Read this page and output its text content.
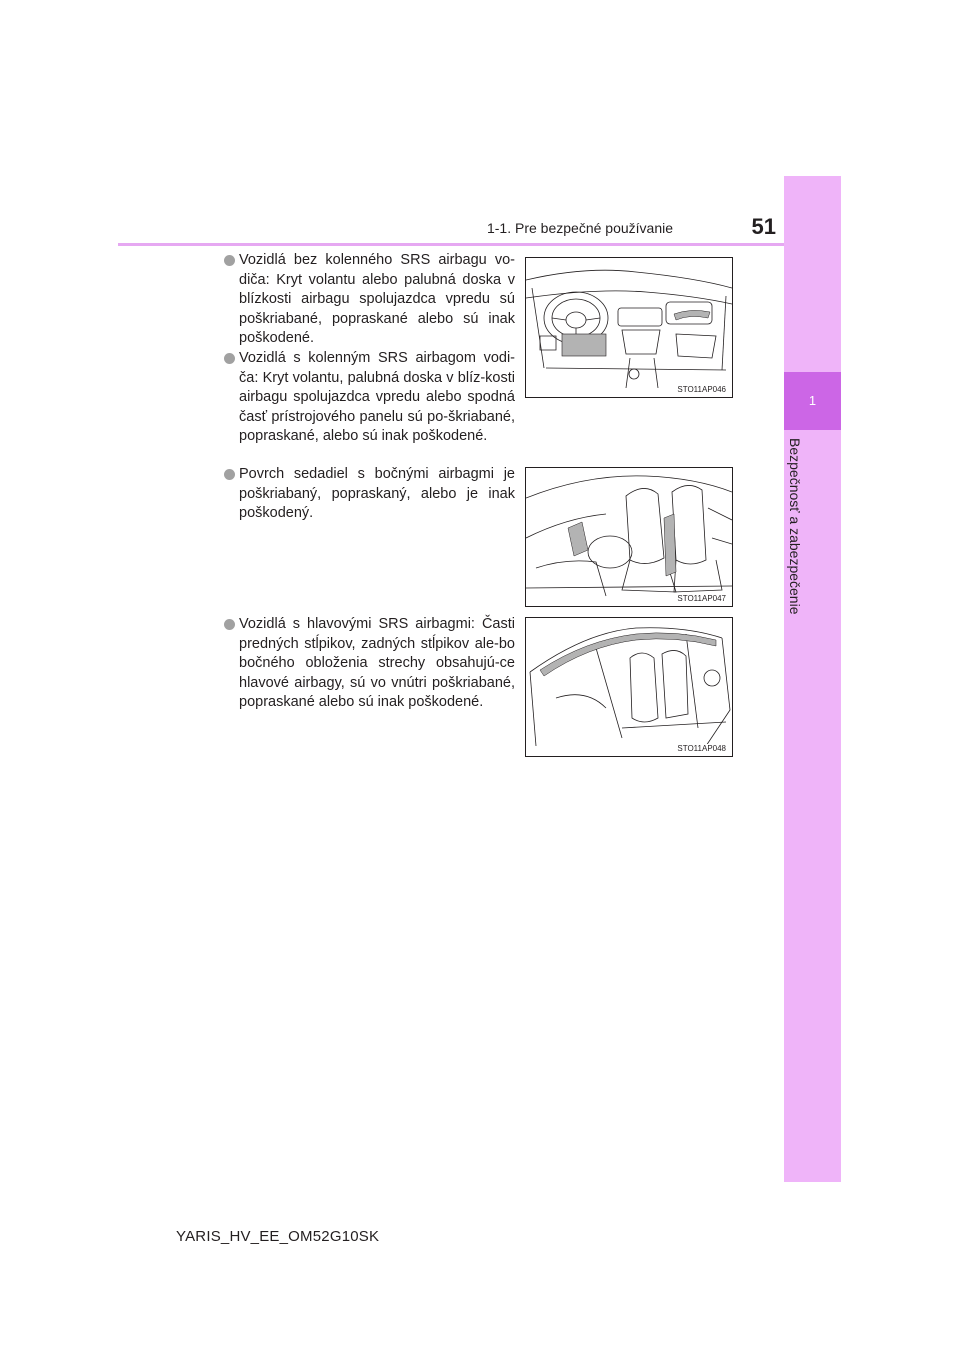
1-1. Pre bezpečné používanie	51
1
Bezpečnosť a zabezpečenie
Vozidlá bez kolenného SRS airbagu vo-diča: Kryt volantu alebo palubná doska v blízkosti airbagu spolujazdca vpredu sú poškriabané, popraskané alebo sú inak poškodené.
Vozidlá s kolenným SRS airbagom vodi-ča: Kryt volantu, palubná doska v blíz-kosti airbagu spolujazdca vpredu alebo spodná časť prístrojového panelu sú po-škriabané, popraskané, alebo sú inak poškodené.
Povrch sedadiel s bočnými airbagmi je poškriabaný, popraskaný, alebo je inak poškodený.
Vozidlá s hlavovými SRS airbagmi: Časti predných stĺpikov, zadných stĺpikov ale-bo bočného obloženia strechy obsahujú-ce hlavové airbagy, sú vo vnútri poškriabané, popraskané alebo sú inak poškodené.
STO11AP046
STO11AP047
STO11AP048
YARIS_HV_EE_OM52G10SK
